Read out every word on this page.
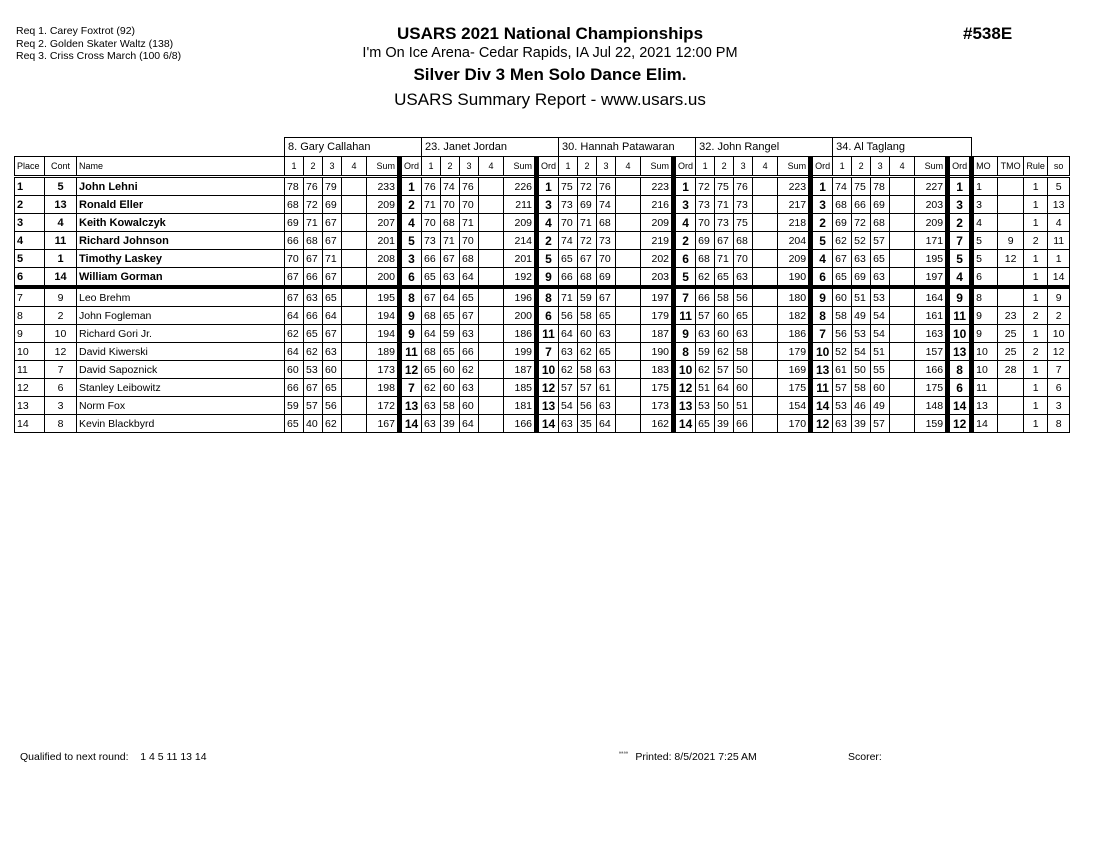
Req 1. Carey Foxtrot (92)
Req 2. Golden Skater Waltz (138)
Req 3. Criss Cross March (100 6/8)
USARS 2021 National Championships
I'm On Ice Arena- Cedar Rapids, IA Jul 22, 2021 12:00 PM
Silver Div 3 Men Solo Dance Elim.
USARS Summary Report - www.usars.us
#538E
			8. Gary Callahan						23. Janet Jordan						30. Hannah Patawaran						32. John Rangel						34. Al Taglang									
Place	Cont	Name	1	2	3	4	Sum	Ord	1	2	3	4	Sum	Ord	1	2	3	4	Sum	Ord	1	2	3	4	Sum	Ord	1	2	3	4	Sum	Ord	MO	TMO	Rule	so
1	5	John Lehni	78	76	79		233	1	76	74	76		226	1	75	72	76		223	1	72	75	76		223	1	74	75	78		227	1	1		1	5
2	13	Ronald Eller	68	72	69		209	2	71	70	70		211	3	73	69	74		216	3	73	71	73		217	3	68	66	69		203	3	3		1	13
3	4	Keith Kowalczyk	69	71	67		207	4	70	68	71		209	4	70	71	68		209	4	70	73	75		218	2	69	72	68		209	2	4		1	4
4	11	Richard Johnson	66	68	67		201	5	73	71	70		214	2	74	72	73		219	2	69	67	68		204	5	62	52	57		171	7	5	9	2	11
5	1	Timothy Laskey	70	67	71		208	3	66	67	68		201	5	65	67	70		202	6	68	71	70		209	4	67	63	65		195	5	5	12	1	1
6	14	William Gorman	67	66	67		200	6	65	63	64		192	9	66	68	69		203	5	62	65	63		190	6	65	69	63		197	4	6		1	14
7	9	Leo Brehm	67	63	65		195	8	67	64	65		196	8	71	59	67		197	7	66	58	56		180	9	60	51	53		164	9	8		1	9
8	2	John Fogleman	64	66	64		194	9	68	65	67		200	6	56	58	65		179	11	57	60	65		182	8	58	49	54		161	11	9	23	2	2
9	10	Richard Gori Jr.	62	65	67		194	9	64	59	63		186	11	64	60	63		187	9	63	60	63		186	7	56	53	54		163	10	9	25	1	10
10	12	David Kiwerski	64	62	63		189	11	68	65	66		199	7	63	62	65		190	8	59	62	58		179	10	52	54	51		157	13	10	25	2	12
11	7	David Sapoznick	60	53	60		173	12	65	60	62		187	10	62	58	63		183	10	62	57	50		169	13	61	50	55		166	8	10	28	1	7
12	6	Stanley Leibowitz	66	67	65		198	7	62	60	63		185	12	57	57	61		175	12	51	64	60		175	11	57	58	60		175	6	11		1	6
13	3	Norm Fox	59	57	56		172	13	63	58	60		181	13	54	56	63		173	13	53	50	51		154	14	53	46	49		148	14	13		1	3
14	8	Kevin Blackbyrd	65	40	62		167	14	63	39	64		166	14	63	35	64		162	14	65	39	66		170	12	63	39	57		159	12	14		1	8
Qualified to next round: 1 4 5 11 13 14	$^{ªªªª}$ Printed: 8/5/2021 7:25 AM	Scorer:
